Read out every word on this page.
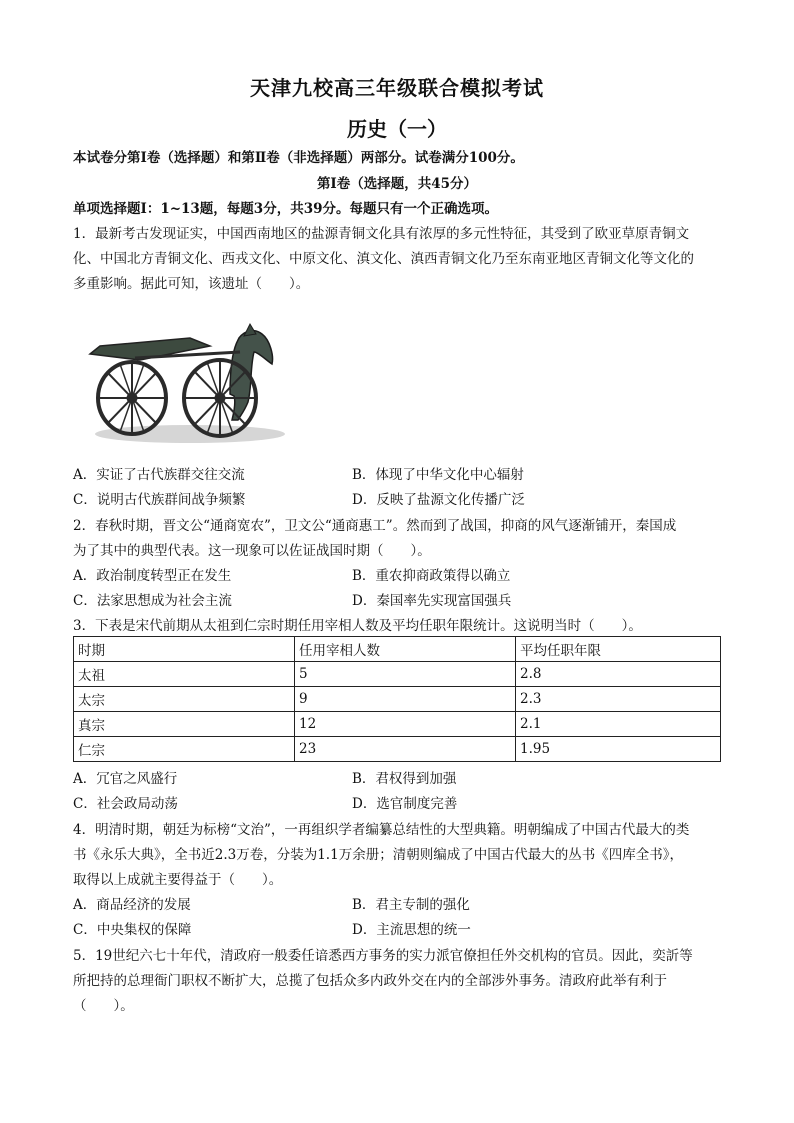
天津九校高三年级联合模拟考试
历史（一）
本试卷分第Ⅰ卷（选择题）和第Ⅱ卷（非选择题）两部分。试卷满分100分。
第Ⅰ卷（选择题，共45分）
单项选择题Ⅰ：1~13题，每题3分，共39分。每题只有一个正确选项。
1．最新考古发现证实，中国西南地区的盐源青铜文化具有浓厚的多元性特征，其受到了欧亚草原青铜文
化、中国北方青铜文化、西戎文化、中原文化、滇文化、滇西青铜文化乃至东南亚地区青铜文化等文化的
多重影响。据此可知，该遗址（　　）。
A．实证了古代族群交往交流	B．体现了中华文化中心辐射
C．说明古代族群间战争频繁	D．反映了盐源文化传播广泛
2．春秋时期，晋文公“通商宽农”，卫文公“通商惠工”。然而到了战国，抑商的风气逐渐铺开，秦国成
为了其中的典型代表。这一现象可以佐证战国时期（　　）。
A．政治制度转型正在发生	B．重农抑商政策得以确立
C．法家思想成为社会主流	D．秦国率先实现富国强兵
3．下表是宋代前期从太祖到仁宗时期任用宰相人数及平均任职年限统计。这说明当时（　　）。
时期	任用宰相人数	平均任职年限
太祖	5	2.8
太宗	9	2.3
真宗	12	2.1
仁宗	23	1.95
A．冗官之风盛行	B．君权得到加强
C．社会政局动荡	D．选官制度完善
4．明清时期，朝廷为标榜“文治”，一再组织学者编纂总结性的大型典籍。明朝编成了中国古代最大的类
书《永乐大典》，全书近2.3万卷，分装为1.1万余册；清朝则编成了中国古代最大的丛书《四库全书》，
取得以上成就主要得益于（　　）。
A．商品经济的发展	B．君主专制的强化
C．中央集权的保障	D．主流思想的统一
5．19世纪六七十年代，清政府一般委任谙悉西方事务的实力派官僚担任外交机构的官员。因此，奕訢等
所把持的总理衙门职权不断扩大，总揽了包括众多内政外交在内的全部涉外事务。清政府此举有利于
（　　）。
